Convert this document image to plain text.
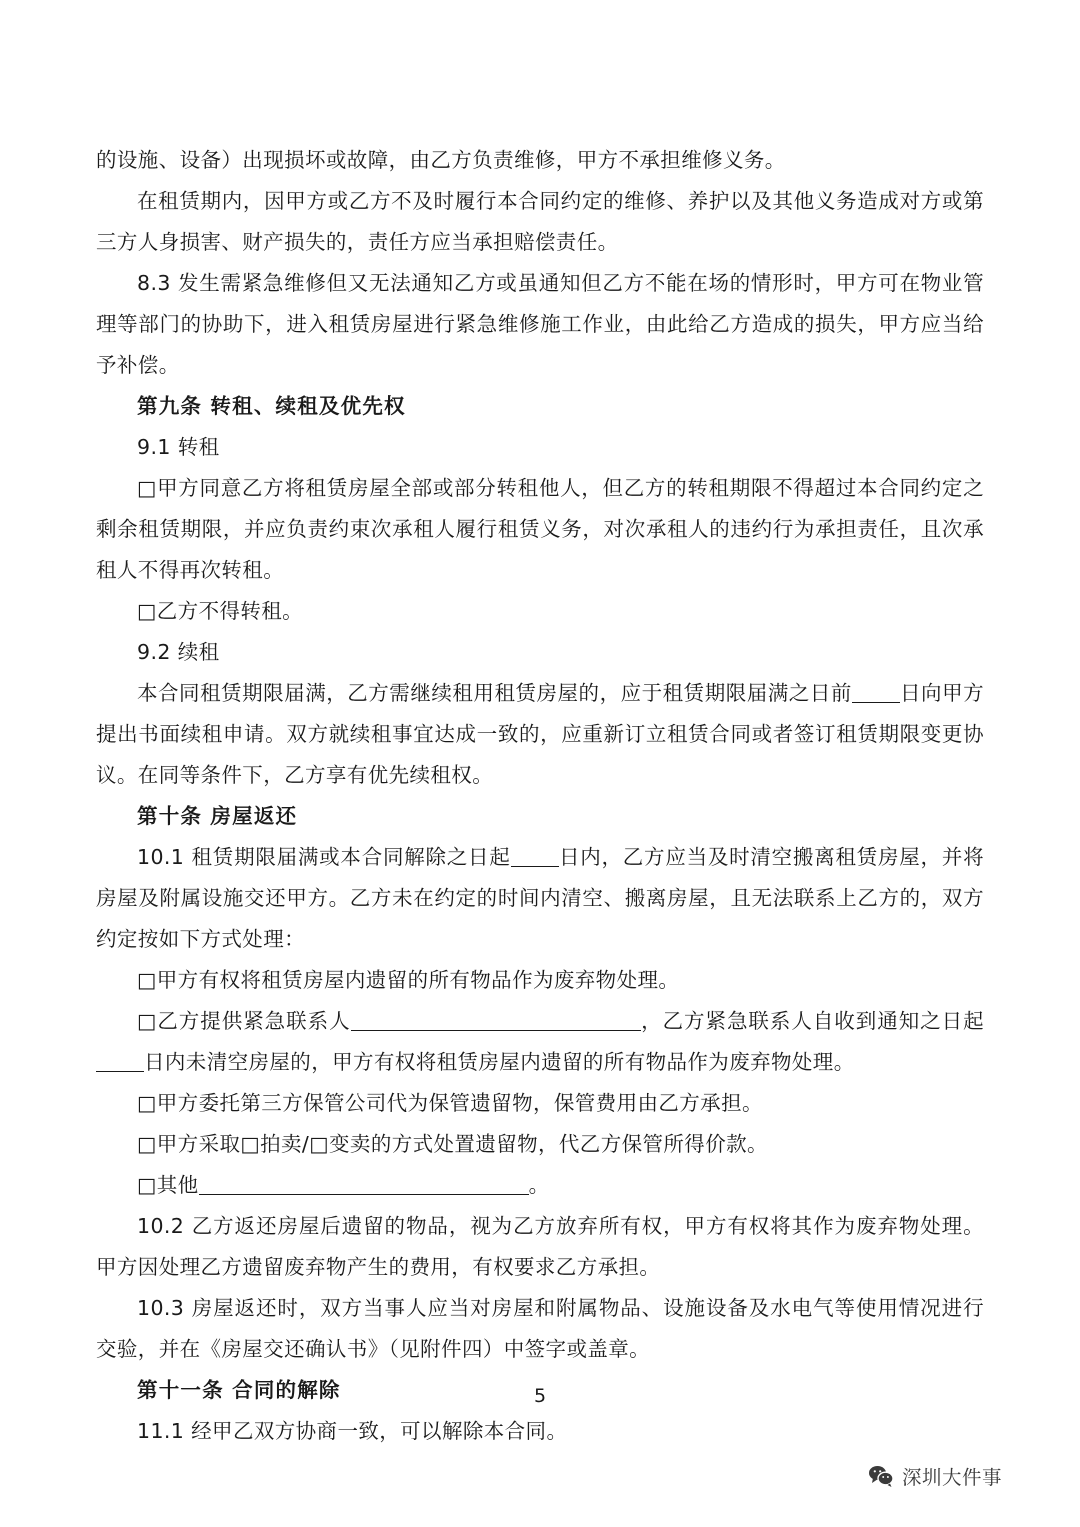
的设施、设备）出现损坏或故障，由乙方负责维修，甲方不承担维修义务。

在租赁期内，因甲方或乙方不及时履行本合同约定的维修、养护以及其他义务造成对方或第三方人身损害、财产损失的，责任方应当承担赔偿责任。

8.3 发生需紧急维修但又无法通知乙方或虽通知但乙方不能在场的情形时，甲方可在物业管理等部门的协助下，进入租赁房屋进行紧急维修施工作业，由此给乙方造成的损失，甲方应当给予补偿。

第九条 转租、续租及优先权

9.1 转租

□甲方同意乙方将租赁房屋全部或部分转租他人，但乙方的转租期限不得超过本合同约定之剩余租赁期限，并应负责约束次承租人履行租赁义务，对次承租人的违约行为承担责任，且次承租人不得再次转租。

□乙方不得转租。

9.2 续租

本合同租赁期限届满，乙方需继续租用租赁房屋的，应于租赁期限届满之日前 日向甲方提出书面续租申请。双方就续租事宜达成一致的，应重新订立租赁合同或者签订租赁期限变更协议。在同等条件下，乙方享有优先续租权。

第十条 房屋返还

10.1 租赁期限届满或本合同解除之日起 日内，乙方应当及时清空搬离租赁房屋，并将房屋及附属设施交还甲方。乙方未在约定的时间内清空、搬离房屋，且无法联系上乙方的，双方约定按如下方式处理：

□甲方有权将租赁房屋内遗留的所有物品作为废弃物处理。

□乙方提供紧急联系人	，乙方紧急联系人自收到通知之日起日内未清空房屋的，甲方有权将租赁房屋内遗留的所有物品作为废弃物处理。

□甲方委托第三方保管公司代为保管遗留物，保管费用由乙方承担。

□甲方采取□拍卖/□变卖的方式处置遗留物，代乙方保管所得价款。

□其他	。

10.2 乙方返还房屋后遗留的物品，视为乙方放弃所有权，甲方有权将其作为废弃物处理。甲方因处理乙方遗留废弃物产生的费用，有权要求乙方承担。

10.3 房屋返还时，双方当事人应当对房屋和附属物品、设施设备及水电气等使用情况进行交验，并在《房屋交还确认书》（见附件四）中签字或盖章。

第十一条 合同的解除

11.1 经甲乙双方协商一致，可以解除本合同。

5
深圳大件事
